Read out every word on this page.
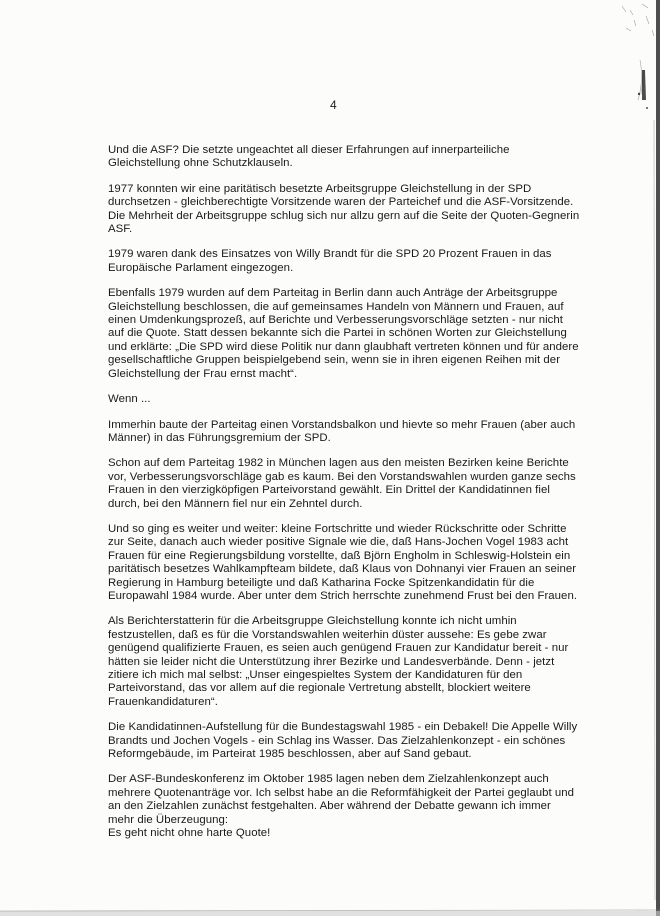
4

Und die ASF? Die setzte ungeachtet all dieser Erfahrungen auf innerparteiliche
Gleichstellung ohne Schutzklauseln.

1977 konnten wir eine paritätisch besetzte Arbeitsgruppe Gleichstellung in der SPD
durchsetzen - gleichberechtigte Vorsitzende waren der Parteichef und die ASF-Vorsitzende.
Die Mehrheit der Arbeitsgruppe schlug sich nur allzu gern auf die Seite der Quoten-Gegnerin
ASF.

1979 waren dank des Einsatzes von Willy Brandt für die SPD 20 Prozent Frauen in das
Europäische Parlament eingezogen.

Ebenfalls 1979 wurden auf dem Parteitag in Berlin dann auch Anträge der Arbeitsgruppe
Gleichstellung beschlossen, die auf gemeinsames Handeln von Männern und Frauen, auf
einen Umdenkungsprozeß, auf Berichte und Verbesserungsvorschläge setzten - nur nicht
auf die Quote. Statt dessen bekannte sich die Partei in schönen Worten zur Gleichstellung
und erklärte: „Die SPD wird diese Politik nur dann glaubhaft vertreten können und für andere
gesellschaftliche Gruppen beispielgebend sein, wenn sie in ihren eigenen Reihen mit der
Gleichstellung der Frau ernst macht“.

Wenn ...

Immerhin baute der Parteitag einen Vorstandsbalkon und hievte so mehr Frauen (aber auch
Männer) in das Führungsgremium der SPD.

Schon auf dem Parteitag 1982 in München lagen aus den meisten Bezirken keine Berichte
vor, Verbesserungsvorschläge gab es kaum. Bei den Vorstandswahlen wurden ganze sechs
Frauen in den vierzigköpfigen Parteivorstand gewählt. Ein Drittel der Kandidatinnen fiel
durch, bei den Männern fiel nur ein Zehntel durch.

Und so ging es weiter und weiter: kleine Fortschritte und wieder Rückschritte oder Schritte
zur Seite, danach auch wieder positive Signale wie die, daß Hans-Jochen Vogel 1983 acht
Frauen für eine Regierungsbildung vorstellte, daß Björn Engholm in Schleswig-Holstein ein
paritätisch besetzes Wahlkampfteam bildete, daß Klaus von Dohnanyi vier Frauen an seiner
Regierung in Hamburg beteiligte und daß Katharina Focke Spitzenkandidatin für die
Europawahl 1984 wurde. Aber unter dem Strich herrschte zunehmend Frust bei den Frauen.

Als Berichterstatterin für die Arbeitsgruppe Gleichstellung konnte ich nicht umhin
festzustellen, daß es für die Vorstandswahlen weiterhin düster aussehe: Es gebe zwar
genügend qualifizierte Frauen, es seien auch genügend Frauen zur Kandidatur bereit - nur
hätten sie leider nicht die Unterstützung ihrer Bezirke und Landesverbände. Denn - jetzt
zitiere ich mich mal selbst: „Unser eingespieltes System der Kandidaturen für den
Parteivorstand, das vor allem auf die regionale Vertretung abstellt, blockiert weitere
Frauenkandidaturen“.

Die Kandidatinnen-Aufstellung für die Bundestagswahl 1985 - ein Debakel! Die Appelle Willy
Brandts und Jochen Vogels - ein Schlag ins Wasser. Das Zielzahlenkonzept - ein schönes
Reformgebäude, im Parteirat 1985 beschlossen, aber auf Sand gebaut.

Der ASF-Bundeskonferenz im Oktober 1985 lagen neben dem Zielzahlenkonzept auch
mehrere Quotenanträge vor. Ich selbst habe an die Reformfähigkeit der Partei geglaubt und
an den Zielzahlen zunächst festgehalten. Aber während der Debatte gewann ich immer
mehr die Überzeugung:
Es geht nicht ohne harte Quote!
